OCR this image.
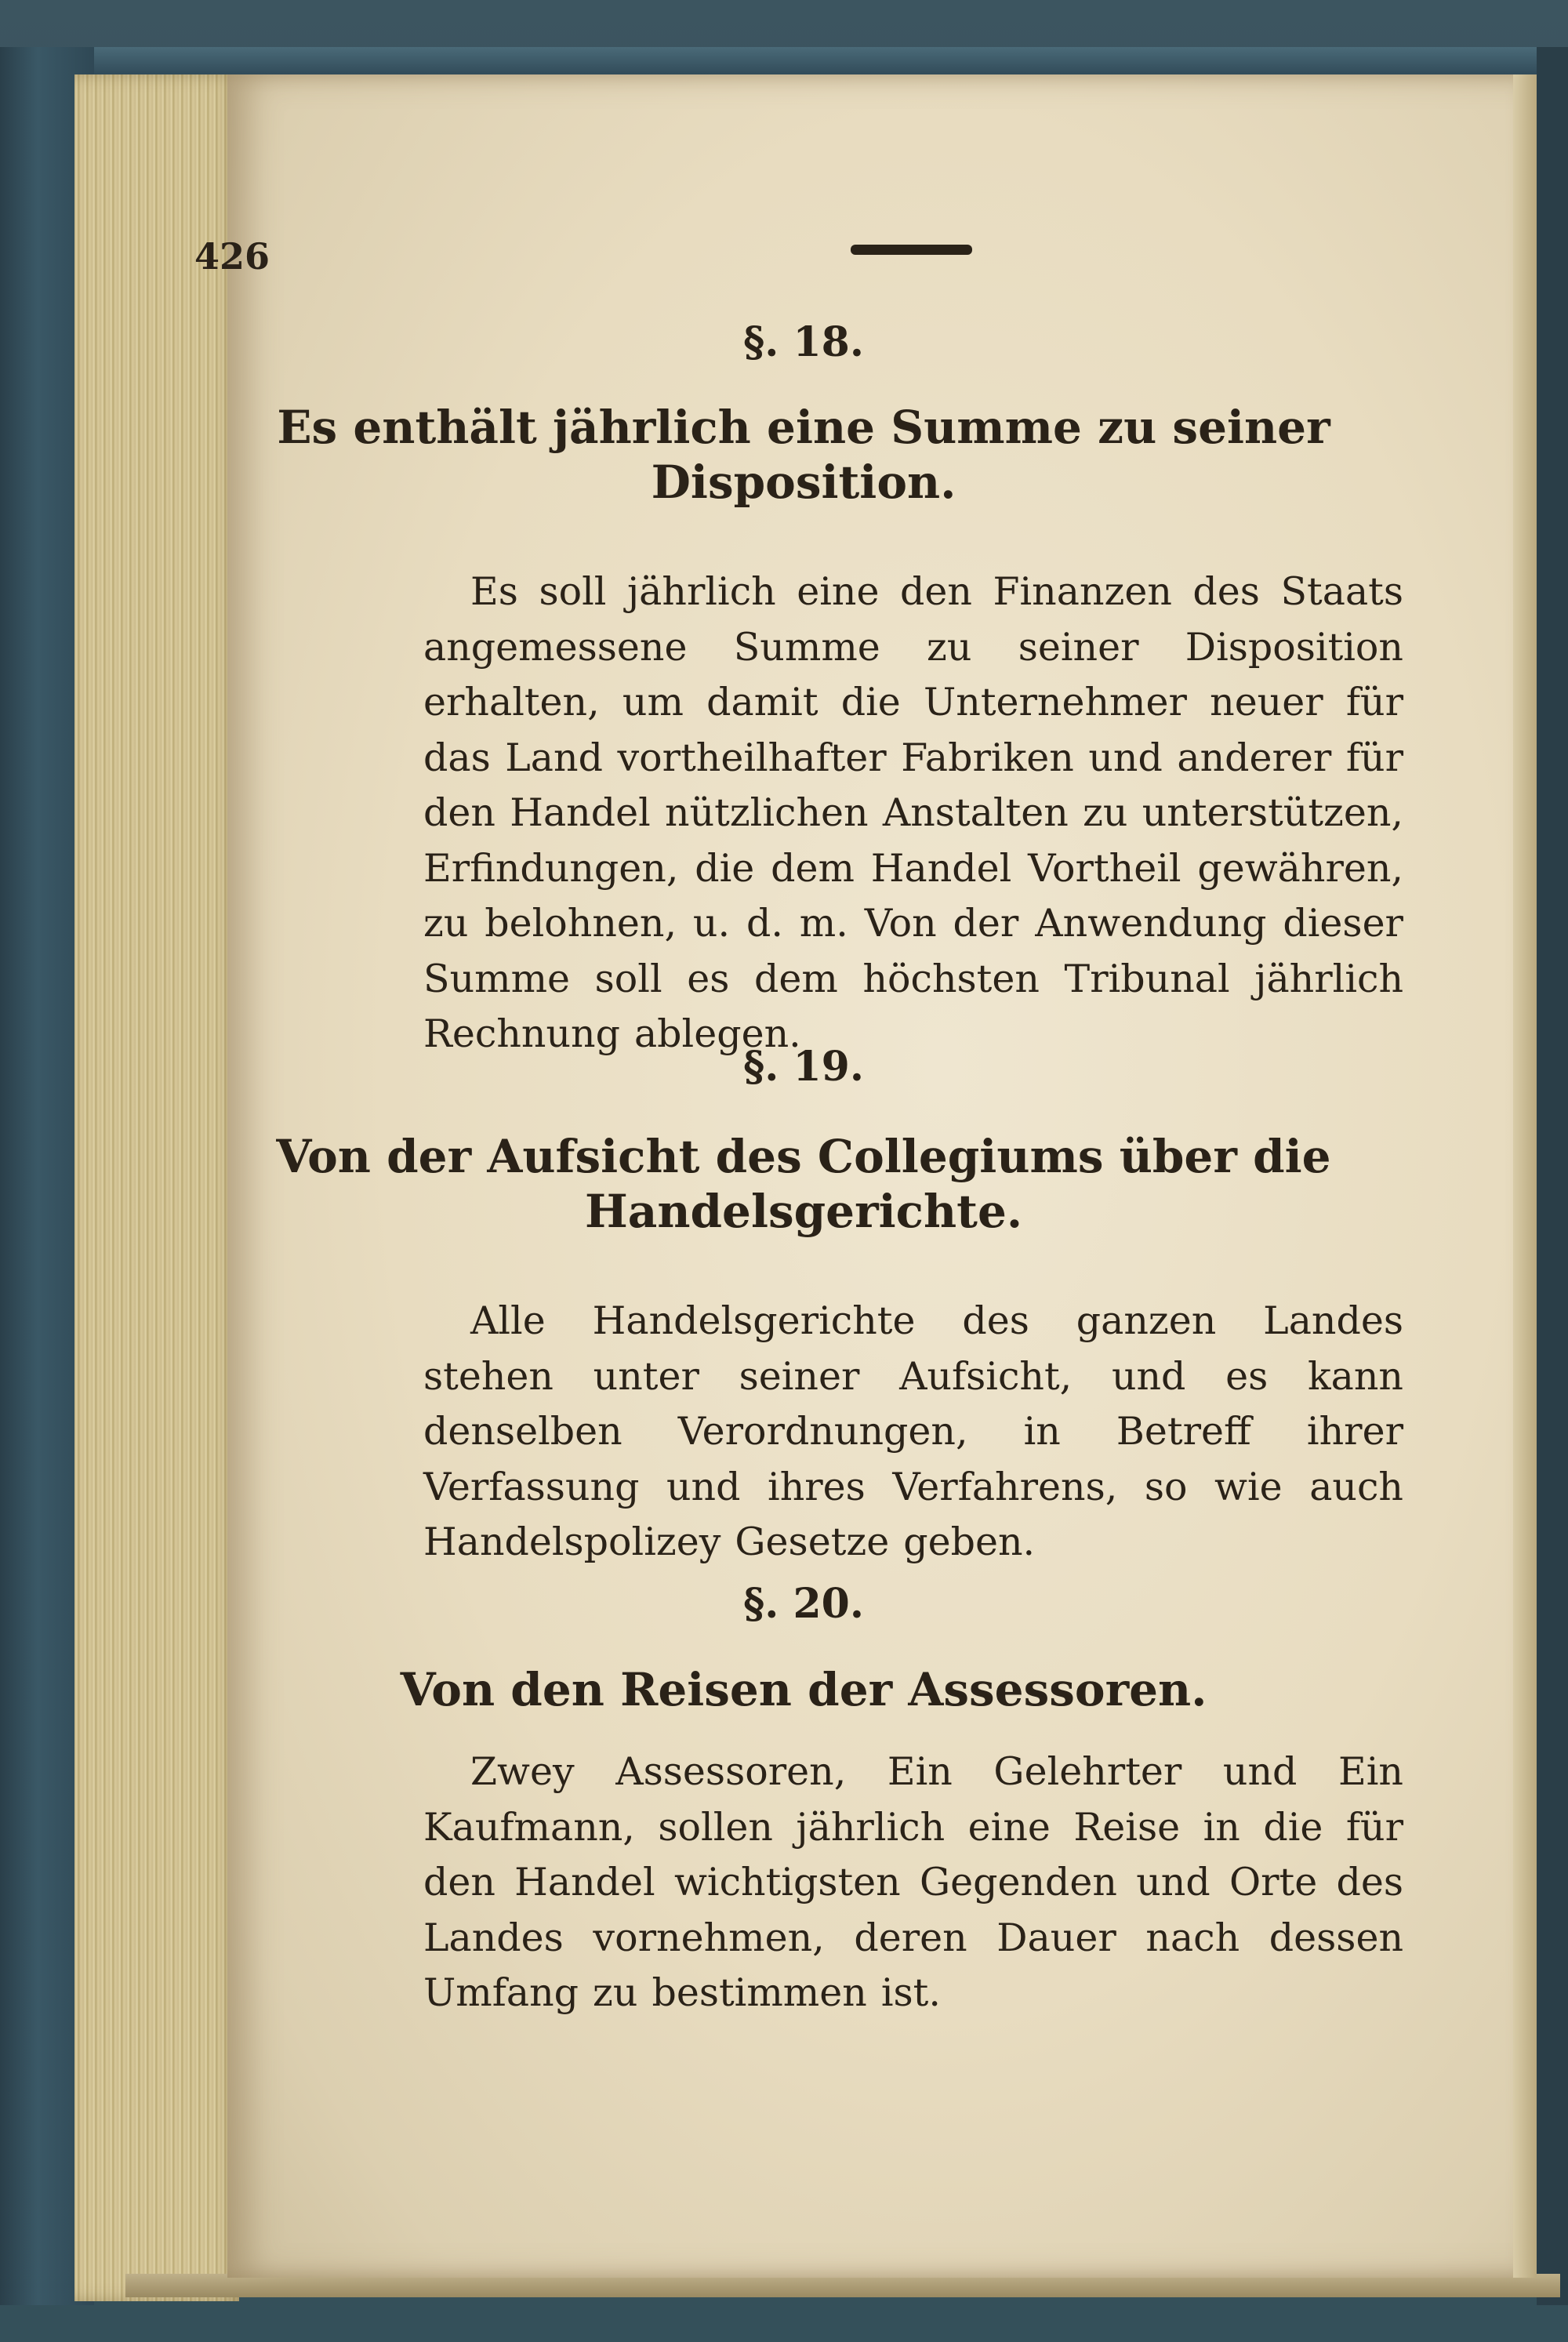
426
§. 18.
Es enthält jährlich eine Summe zu seiner Disposition.

Es soll jährlich eine den Finanzen des Staats angemessene Summe zu seiner Disposition erhalten, um damit die Unternehmer neuer für das Land vortheilhafter Fabriken und anderer für den Handel nützlichen Anstalten zu unterstützen, Erfindungen, die dem Handel Vortheil gewähren, zu belohnen, u. d. m. Von der Anwendung dieser Summe soll es dem höchsten Tribunal jährlich Rechnung ablegen.

§. 19.
Von der Aufsicht des Collegiums über die Handelsgerichte.

Alle Handelsgerichte des ganzen Landes stehen unter seiner Aufsicht, und es kann denselben Verordnungen, in Betreff ihrer Verfassung und ihres Verfahrens, so wie auch Handelspolizey Gesetze geben.

§. 20.
Von den Reisen der Assessoren.

Zwey Assessoren, Ein Gelehrter und Ein Kaufmann, sollen jährlich eine Reise in die für den Handel wichtigsten Gegenden und Orte des Landes vornehmen, deren Dauer nach dessen Umfang zu bestimmen ist.
